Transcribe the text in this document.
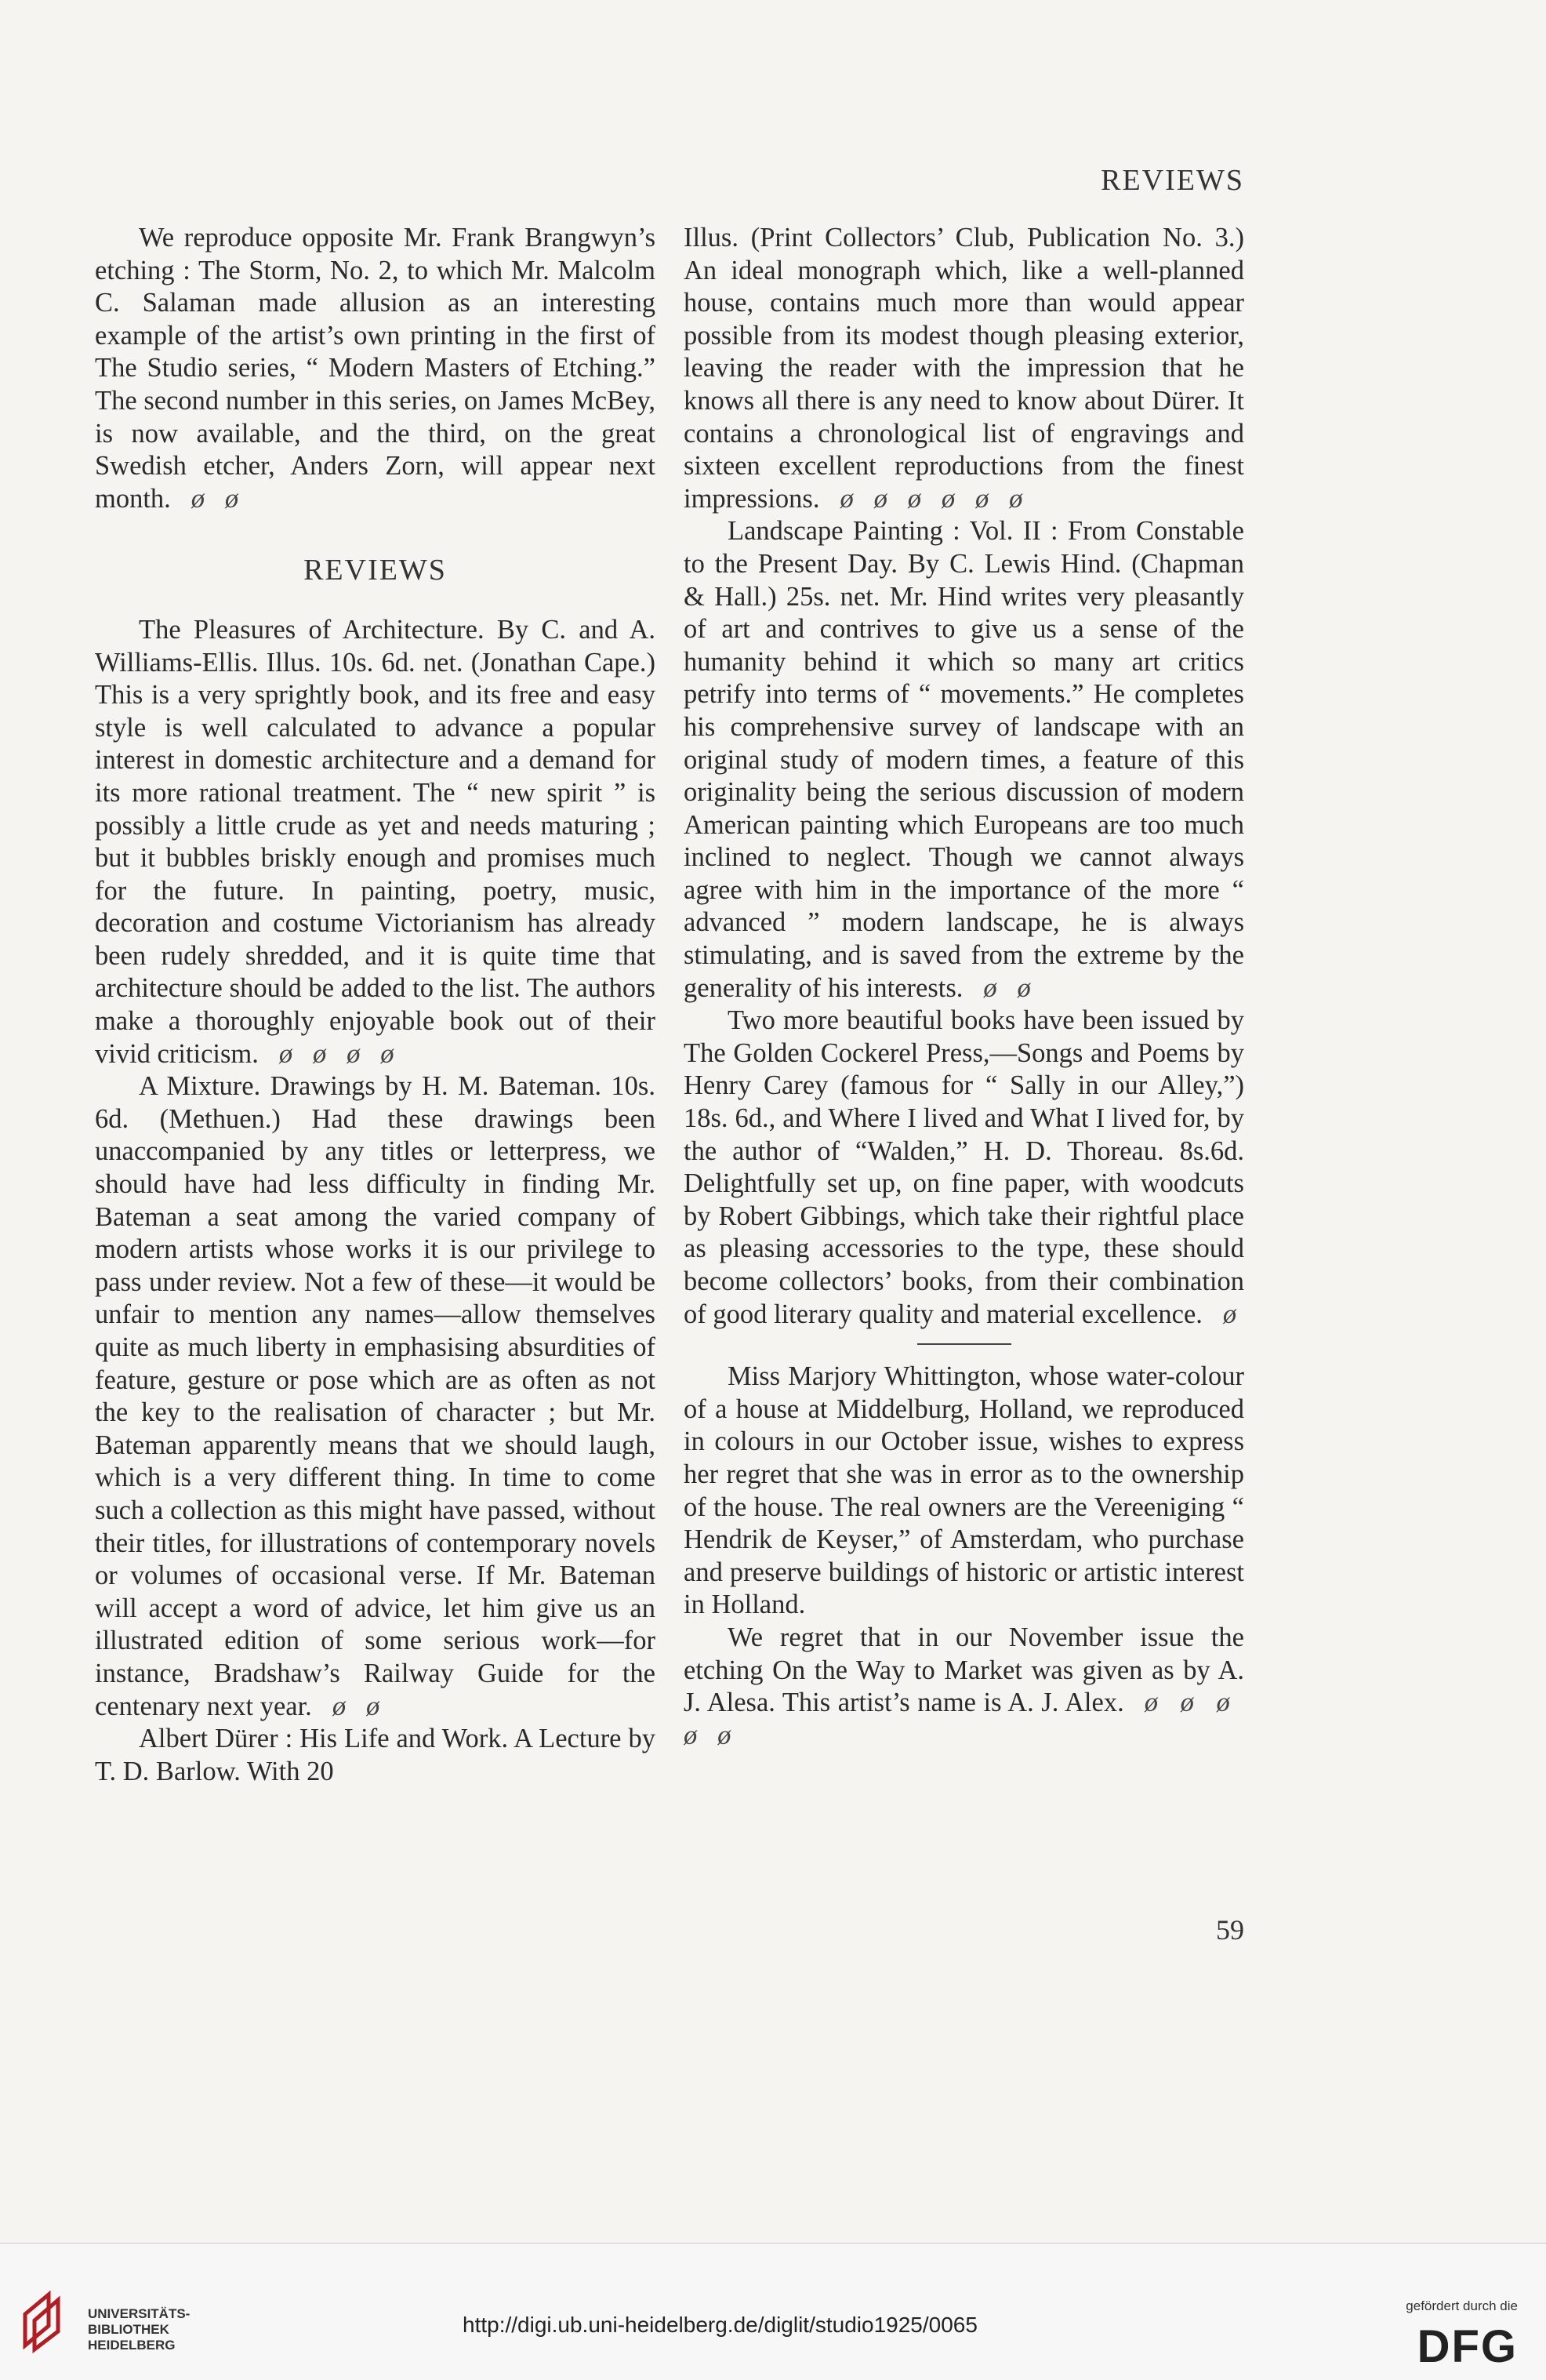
REVIEWS

We reproduce opposite Mr. Frank Brangwyn’s etching : The Storm, No. 2, to which Mr. Malcolm C. Salaman made allusion as an interesting example of the artist’s own printing in the first of The Studio series, “ Modern Masters of Etching.” The second number in this series, on James McBey, is now available, and the third, on the great Swedish etcher, Anders Zorn, will appear next month. ø   ø

REVIEWS

The Pleasures of Architecture. By C. and A. Williams-Ellis. Illus. 10s. 6d. net. (Jonathan Cape.) This is a very sprightly book, and its free and easy style is well calculated to advance a popular interest in domestic architecture and a demand for its more rational treatment. The “ new spirit ” is possibly a little crude as yet and needs maturing ; but it bubbles briskly enough and promises much for the future. In painting, poetry, music, decoration and costume Victorianism has already been rudely shredded, and it is quite time that architecture should be added to the list. The authors make a thoroughly enjoyable book out of their vivid criticism. ø   ø   ø   ø

A Mixture. Drawings by H. M. Bateman. 10s. 6d. (Methuen.) Had these drawings been unaccompanied by any titles or letterpress, we should have had less difficulty in finding Mr. Bateman a seat among the varied company of modern artists whose works it is our privilege to pass under review. Not a few of these—it would be unfair to mention any names—allow themselves quite as much liberty in emphasising absurdities of feature, gesture or pose which are as often as not the key to the realisation of character ; but Mr. Bateman apparently means that we should laugh, which is a very different thing. In time to come such a collection as this might have passed, without their titles, for illustrations of contemporary novels or volumes of occasional verse. If Mr. Bateman will accept a word of advice, let him give us an illustrated edition of some serious work—for instance, Bradshaw’s Railway Guide for the centenary next year. ø   ø

Albert Dürer : His Life and Work. A Lecture by T. D. Barlow. With 20

Illus. (Print Collectors’ Club, Publication No. 3.) An ideal monograph which, like a well-planned house, contains much more than would appear possible from its modest though pleasing exterior, leaving the reader with the impression that he knows all there is any need to know about Dürer. It contains a chronological list of engravings and sixteen excellent reproductions from the finest impressions. ø   ø   ø   ø   ø   ø

Landscape Painting : Vol. II : From Constable to the Present Day. By C. Lewis Hind. (Chapman & Hall.) 25s. net. Mr. Hind writes very pleasantly of art and contrives to give us a sense of the humanity behind it which so many art critics petrify into terms of “ movements.” He completes his comprehensive survey of landscape with an original study of modern times, a feature of this originality being the serious discussion of modern American painting which Europeans are too much inclined to neglect. Though we cannot always agree with him in the importance of the more “ advanced ” modern landscape, he is always stimulating, and is saved from the extreme by the generality of his interests. ø   ø

Two more beautiful books have been issued by The Golden Cockerel Press,—Songs and Poems by Henry Carey (famous for “ Sally in our Alley,”) 18s. 6d., and Where I lived and What I lived for, by the author of “Walden,” H. D. Thoreau. 8s.6d. Delightfully set up, on fine paper, with woodcuts by Robert Gibbings, which take their rightful place as pleasing accessories to the type, these should become collectors’ books, from their combination of good literary quality and material excellence. ø

Miss Marjory Whittington, whose water-colour of a house at Middelburg, Holland, we reproduced in colours in our October issue, wishes to express her regret that she was in error as to the ownership of the house. The real owners are the Vereeniging “ Hendrik de Keyser,” of Amsterdam, who purchase and preserve buildings of historic or artistic interest in Holland.

We regret that in our November issue the etching On the Way to Market was given as by A. J. Alesa. This artist’s name is A. J. Alex. ø   ø   ø   ø   ø

59
UNIVERSITÄTS-
BIBLIOTHEK
HEIDELBERG
http://digi.ub.uni-heidelberg.de/diglit/studio1925/0065
gefördert durch die
DFG
